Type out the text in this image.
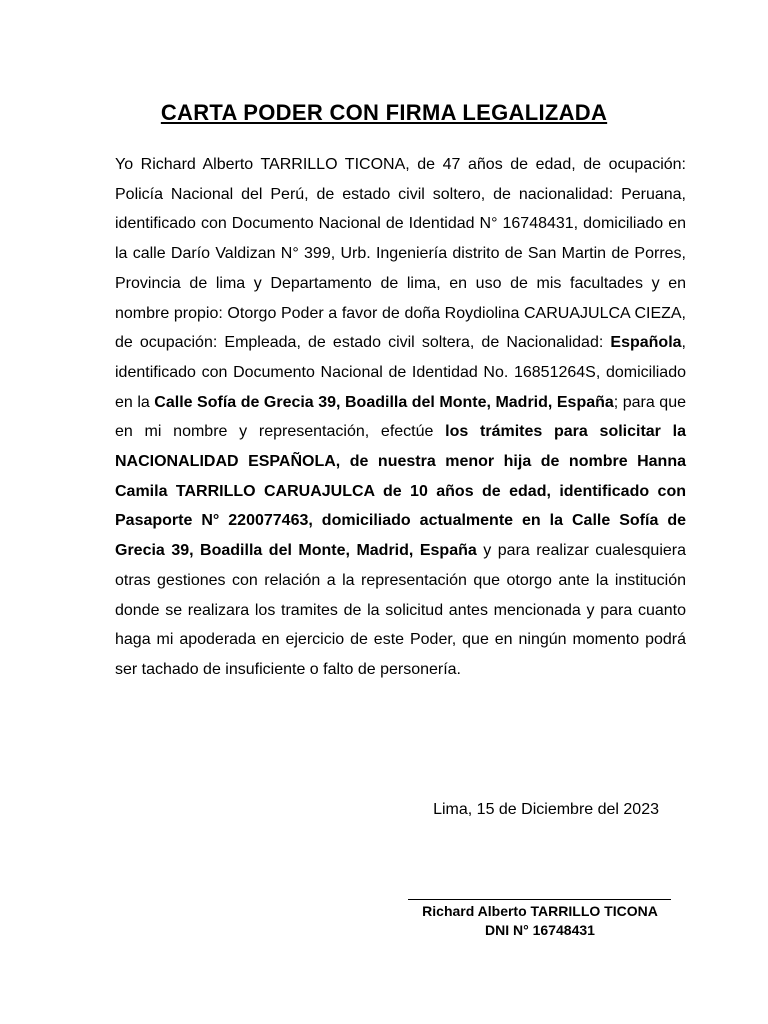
CARTA PODER CON FIRMA LEGALIZADA
Yo Richard Alberto TARRILLO TICONA, de 47 años de edad, de ocupación: Policía Nacional del Perú, de estado civil soltero, de nacionalidad: Peruana, identificado con Documento Nacional de Identidad N° 16748431, domiciliado en la calle Darío Valdizan N° 399, Urb. Ingeniería distrito de San Martin de Porres, Provincia de lima y Departamento de lima, en uso de mis facultades y en nombre propio: Otorgo Poder a favor de doña Roydiolina CARUAJULCA CIEZA, de ocupación: Empleada, de estado civil soltera, de Nacionalidad: Española, identificado con Documento Nacional de Identidad No. 16851264S, domiciliado en la Calle Sofía de Grecia 39, Boadilla del Monte, Madrid, España; para que en mi nombre y representación, efectúe los trámites para solicitar la NACIONALIDAD ESPAÑOLA, de nuestra menor hija de nombre Hanna Camila TARRILLO CARUAJULCA de 10 años de edad, identificado con Pasaporte N° 220077463, domiciliado actualmente en la Calle Sofía de Grecia 39, Boadilla del Monte, Madrid, España y para realizar cualesquiera otras gestiones con relación a la representación que otorgo ante la institución donde se realizara los tramites de la solicitud antes mencionada y para cuanto haga mi apoderada en ejercicio de este Poder, que en ningún momento podrá ser tachado de insuficiente o falto de personería.
Lima, 15 de Diciembre del 2023
Richard Alberto TARRILLO TICONA
DNI N° 16748431
